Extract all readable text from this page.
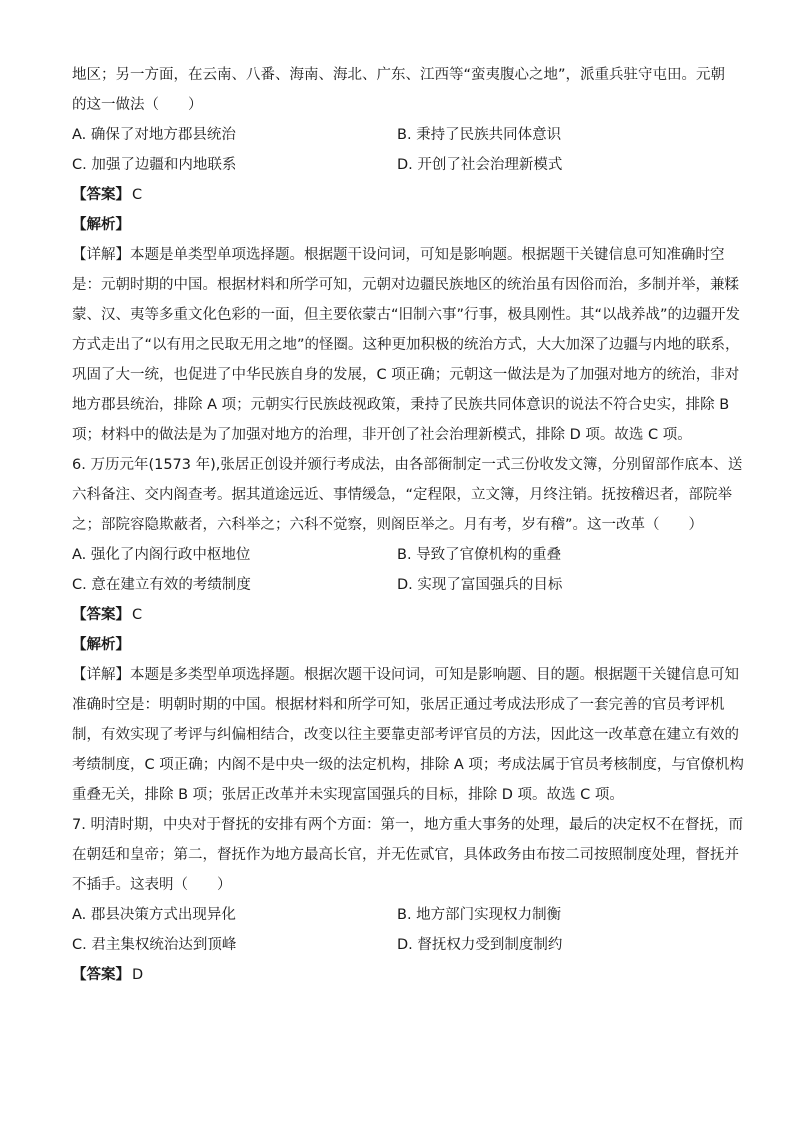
地区；另一方面，在云南、八番、海南、海北、广东、江西等“蛮夷腹心之地”，派重兵驻守屯田。元朝
的这一做法（　　）
A. 确保了对地方郡县统治	B. 秉持了民族共同体意识
C. 加强了边疆和内地联系	D. 开创了社会治理新模式
【答案】 C
【解析】
【详解】本题是单类型单项选择题。根据题干设问词，可知是影响题。根据题干关键信息可知准确时空
是：元朝时期的中国。根据材料和所学可知，元朝对边疆民族地区的统治虽有因俗而治，多制并举，兼糅
蒙、汉、夷等多重文化色彩的一面，但主要依蒙古“旧制六事”行事，极具刚性。其“以战养战”的边疆开发
方式走出了“以有用之民取无用之地”的怪圈。这种更加积极的统治方式，大大加深了边疆与内地的联系，
巩固了大一统，也促进了中华民族自身的发展，C 项正确；元朝这一做法是为了加强对地方的统治，非对
地方郡县统治，排除 A 项；元朝实行民族歧视政策，秉持了民族共同体意识的说法不符合史实，排除 B
项；材料中的做法是为了加强对地方的治理，非开创了社会治理新模式，排除 D 项。故选 C 项。
6. 万历元年(1573 年),张居正创设并颁行考成法，由各部衙制定一式三份收发文簿，分别留部作底本、送
六科备注、交内阁查考。据其道途远近、事情缓急，“定程限，立文簿，月终注销。抚按稽迟者，部院举
之；部院容隐欺蔽者，六科举之；六科不觉察，则阁臣举之。月有考，岁有稽”。这一改革（　　）
A. 强化了内阁行政中枢地位	B. 导致了官僚机构的重叠
C. 意在建立有效的考绩制度	D. 实现了富国强兵的目标
【答案】 C
【解析】
【详解】本题是多类型单项选择题。根据次题干设问词，可知是影响题、目的题。根据题干关键信息可知
准确时空是：明朝时期的中国。根据材料和所学可知，张居正通过考成法形成了一套完善的官员考评机
制，有效实现了考评与纠偏相结合，改变以往主要靠吏部考评官员的方法，因此这一改革意在建立有效的
考绩制度，C 项正确；内阁不是中央一级的法定机构，排除 A 项；考成法属于官员考核制度，与官僚机构
重叠无关，排除 B 项；张居正改革并未实现富国强兵的目标，排除 D 项。故选 C 项。
7. 明清时期，中央对于督抚的安排有两个方面：第一，地方重大事务的处理，最后的决定权不在督抚，而
在朝廷和皇帝；第二，督抚作为地方最高长官，并无佐贰官，具体政务由布按二司按照制度处理，督抚并
不插手。这表明（　　）
A. 郡县决策方式出现异化	B. 地方部门实现权力制衡
C. 君主集权统治达到顶峰	D. 督抚权力受到制度制约
【答案】 D
